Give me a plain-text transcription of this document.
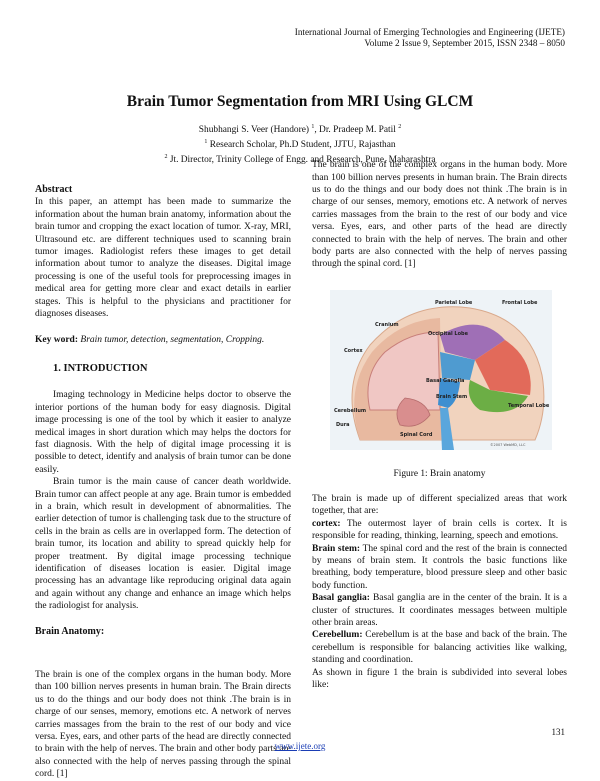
International Journal of Emerging Technologies and Engineering (IJETE)
Volume 2 Issue 9, September 2015, ISSN 2348 – 8050
Brain Tumor Segmentation from MRI Using GLCM
Shubhangi S. Veer (Handore) $^1$, Dr. Pradeep M. Patil $^2$
$^1$ Research Scholar, Ph.D Student, JJTU, Rajasthan
$^2$ Jt. Director, Trinity College of Engg. and Research, Pune, Maharashtra

Abstract

In this paper, an attempt has been made to summarize the information about the human brain anatomy, information about the brain tumor and cropping the exact location of tumor. X-ray, MRI, Ultrasound etc. are different techniques used to scanning brain tumor images. Radiologist refers these images to get detail information about tumor to analyze the diseases. Digital image processing is one of the useful tools for preprocessing images in medical area for getting more clear and exact details in earlier stages. This is helpful to the physicians and practitioner for diagnoses diseases.

Key word: Brain tumor, detection, segmentation, Cropping.

1. INTRODUCTION

Imaging technology in Medicine helps doctor to observe the interior portions of the human body for easy diagnosis. Digital image processing is one of the tool by which it easier to analyze medical images in short duration which may helps the doctors for fast diagnosis. With the help of digital image processing it is possible to detect, identify and analysis of brain tumor can be done easily.

Brain tumor is the main cause of cancer death worldwide. Brain tumor can affect people at any age. Brain tumor is embedded in a brain, which result in development of abnormalities. The earlier detection of tumor is challenging task due to the structure of cells in the brain as cells are in overlapped form. The detection of brain tumor, its location and ability to spread quickly help for proper treatment. By digital image processing technique identification of diseases location is easier. Digital image processing has an advantage like reproducing original data again and again without any change and enhance an image which helps the radiologist for analysis.

Brain Anatomy:

The brain is one of the complex organs in the human body. More than 100 billion nerves presents in human brain. The Brain directs us to do the things and our body does not think .The brain is in charge of our senses, memory, emotions etc. A network of nerves carries massages from the brain to the rest of our body and vice versa. Eyes, ears, and other parts of the head are directly connected to brain with the help of nerves. The brain and other body parts are also connected with the help of nerves passing through the spinal cord. [1]

The brain is one of the complex organs in the human body. More than 100 billion nerves presents in human brain. The Brain directs us to do the things and our body does not think .The brain is in charge of our senses, memory, emotions etc. A network of nerves carries massages from the brain to the rest of our body and vice versa. Eyes, ears, and other parts of the head are directly connected to brain with the help of nerves. The brain and other body parts are also connected with the help of nerves passing through the spinal cord. [1]

Parietal Lobe	Frontal Lobe
Cranium
Occipital Lobe
Cortex
Temporal Lobe
Basal Ganglia
Brain Stem
Cerebellum
Spinal Cord
Dura
©2007 WebMD, LLC
Figure 1: Brain anatomy

The brain is made up of different specialized areas that work together, that are:

cortex: The outermost layer of brain cells is cortex. It is responsible for reading, thinking, learning, speech and emotions.

Brain stem: The spinal cord and the rest of the brain is connected by means of brain stem. It controls the basic functions like breathing, body temperature, blood pressure sleep and other basic body function.

Basal ganglia: Basal ganglia are in the center of the brain. It is a cluster of structures. It coordinates messages between multiple other brain areas.

Cerebellum: Cerebellum is at the base and back of the brain. The cerebellum is responsible for balancing activities like walking, standing and coordination.

As shown in figure 1 the brain is subdivided into several lobes like:

131
www.ijete.org
